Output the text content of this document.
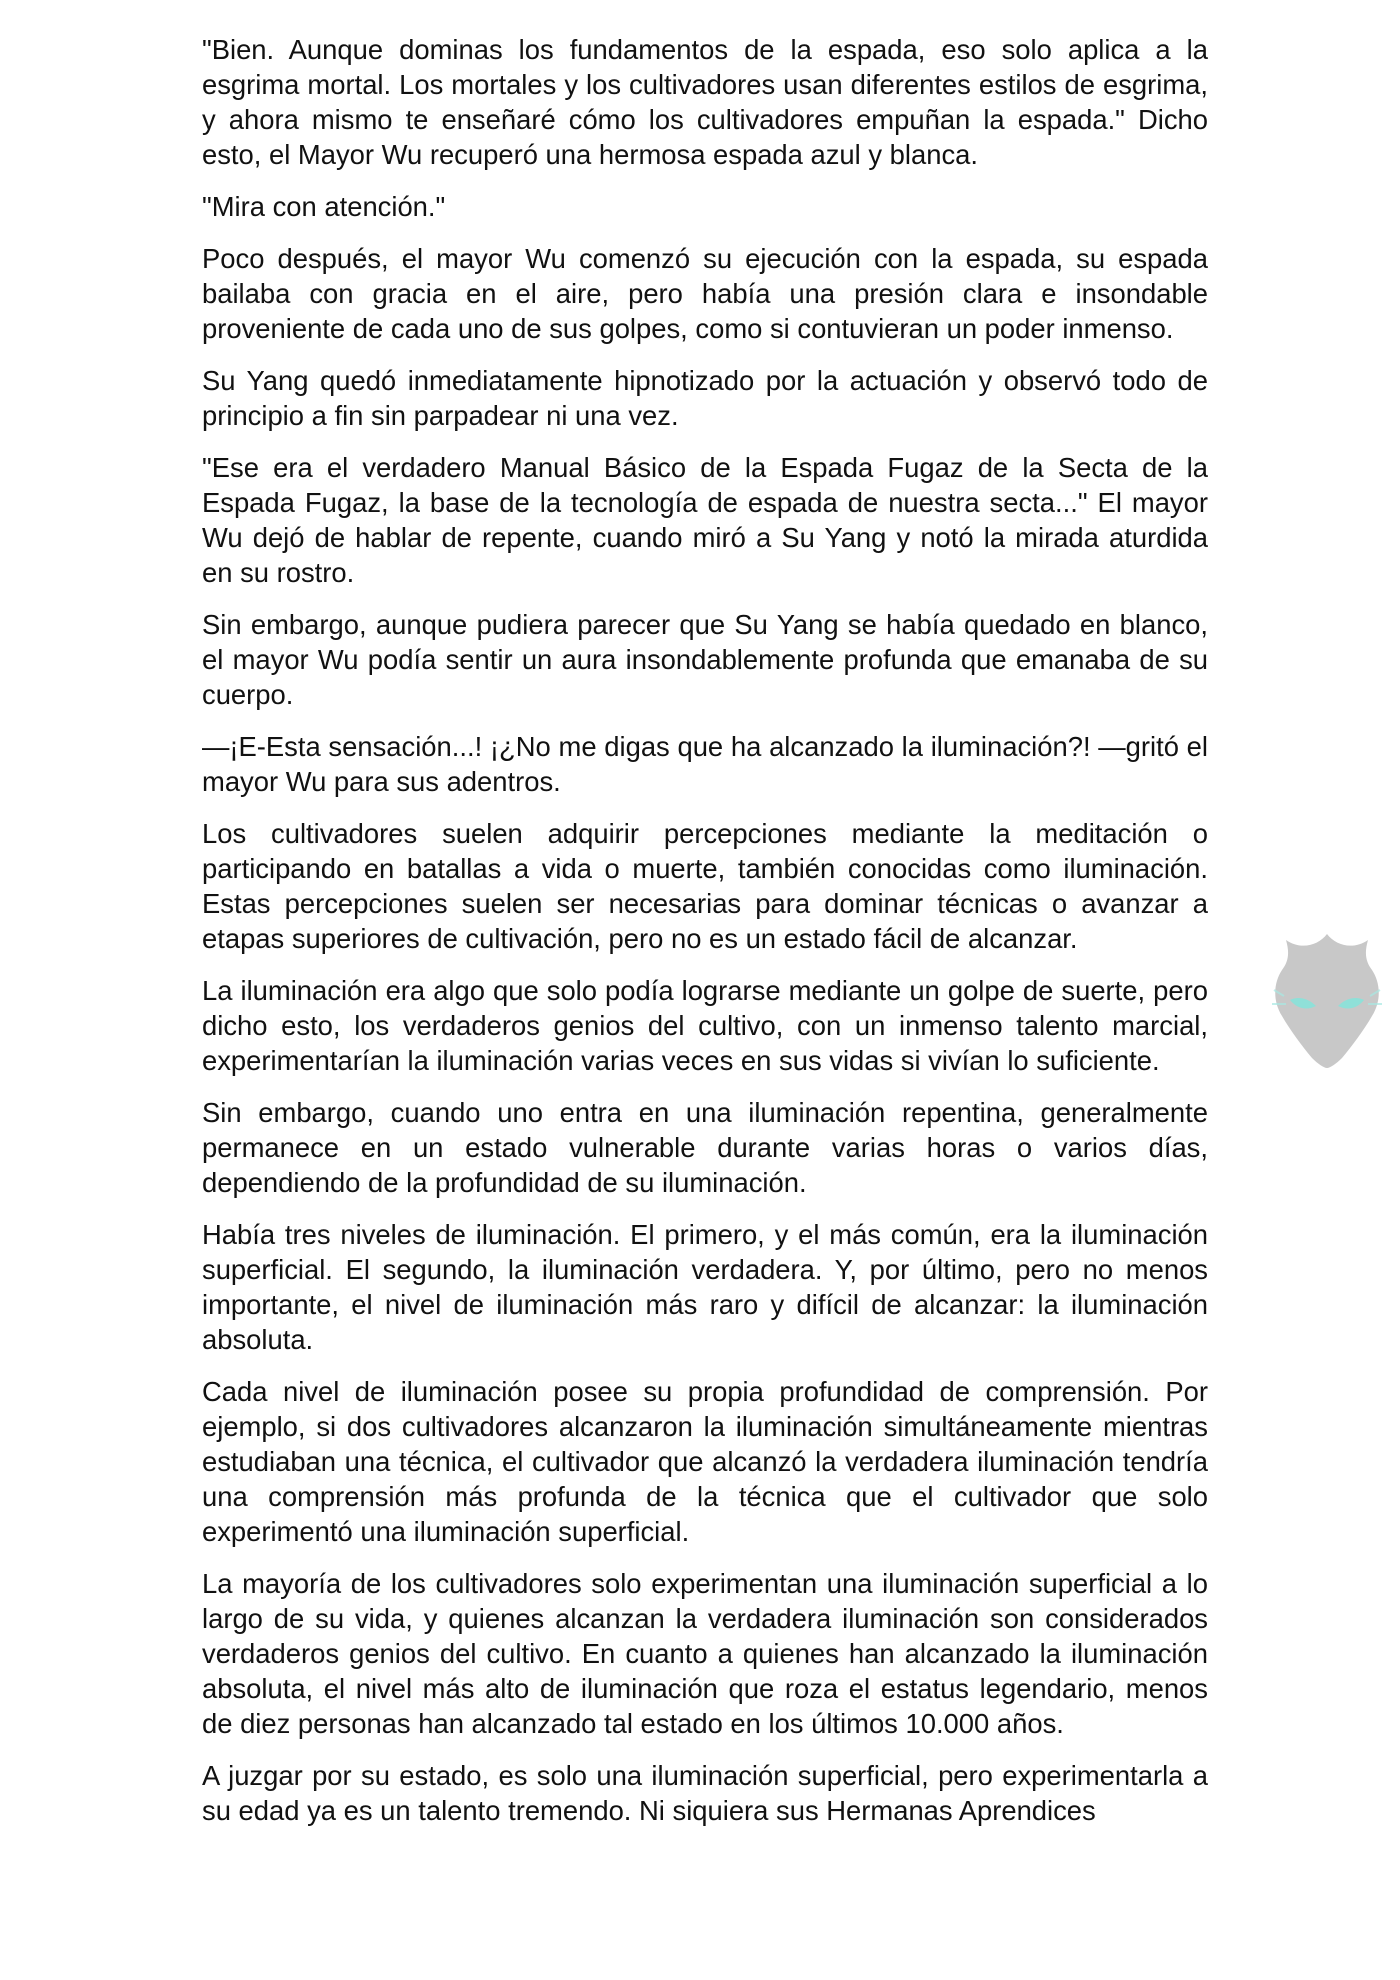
"Bien. Aunque dominas los fundamentos de la espada, eso solo aplica a la esgrima mortal. Los mortales y los cultivadores usan diferentes estilos de esgrima, y ahora mismo te enseñaré cómo los cultivadores empuñan la espada." Dicho esto, el Mayor Wu recuperó una hermosa espada azul y blanca.

"Mira con atención."

Poco después, el mayor Wu comenzó su ejecución con la espada, su espada bailaba con gracia en el aire, pero había una presión clara e insondable proveniente de cada uno de sus golpes, como si contuvieran un poder inmenso.

Su Yang quedó inmediatamente hipnotizado por la actuación y observó todo de principio a fin sin parpadear ni una vez.

"Ese era el verdadero Manual Básico de la Espada Fugaz de la Secta de la Espada Fugaz, la base de la tecnología de espada de nuestra secta..." El mayor Wu dejó de hablar de repente, cuando miró a Su Yang y notó la mirada aturdida en su rostro.

Sin embargo, aunque pudiera parecer que Su Yang se había quedado en blanco, el mayor Wu podía sentir un aura insondablemente profunda que emanaba de su cuerpo.

—¡E-Esta sensación...! ¡¿No me digas que ha alcanzado la iluminación?! —gritó el mayor Wu para sus adentros.

Los cultivadores suelen adquirir percepciones mediante la meditación o participando en batallas a vida o muerte, también conocidas como iluminación. Estas percepciones suelen ser necesarias para dominar técnicas o avanzar a etapas superiores de cultivación, pero no es un estado fácil de alcanzar.

La iluminación era algo que solo podía lograrse mediante un golpe de suerte, pero dicho esto, los verdaderos genios del cultivo, con un inmenso talento marcial, experimentarían la iluminación varias veces en sus vidas si vivían lo suficiente.

Sin embargo, cuando uno entra en una iluminación repentina, generalmente permanece en un estado vulnerable durante varias horas o varios días, dependiendo de la profundidad de su iluminación.

Había tres niveles de iluminación. El primero, y el más común, era la iluminación superficial. El segundo, la iluminación verdadera. Y, por último, pero no menos importante, el nivel de iluminación más raro y difícil de alcanzar: la iluminación absoluta.

Cada nivel de iluminación posee su propia profundidad de comprensión. Por ejemplo, si dos cultivadores alcanzaron la iluminación simultáneamente mientras estudiaban una técnica, el cultivador que alcanzó la verdadera iluminación tendría una comprensión más profunda de la técnica que el cultivador que solo experimentó una iluminación superficial.

La mayoría de los cultivadores solo experimentan una iluminación superficial a lo largo de su vida, y quienes alcanzan la verdadera iluminación son considerados verdaderos genios del cultivo. En cuanto a quienes han alcanzado la iluminación absoluta, el nivel más alto de iluminación que roza el estatus legendario, menos de diez personas han alcanzado tal estado en los últimos 10.000 años.

A juzgar por su estado, es solo una iluminación superficial, pero experimentarla a su edad ya es un talento tremendo. Ni siquiera sus Hermanas Aprendices
